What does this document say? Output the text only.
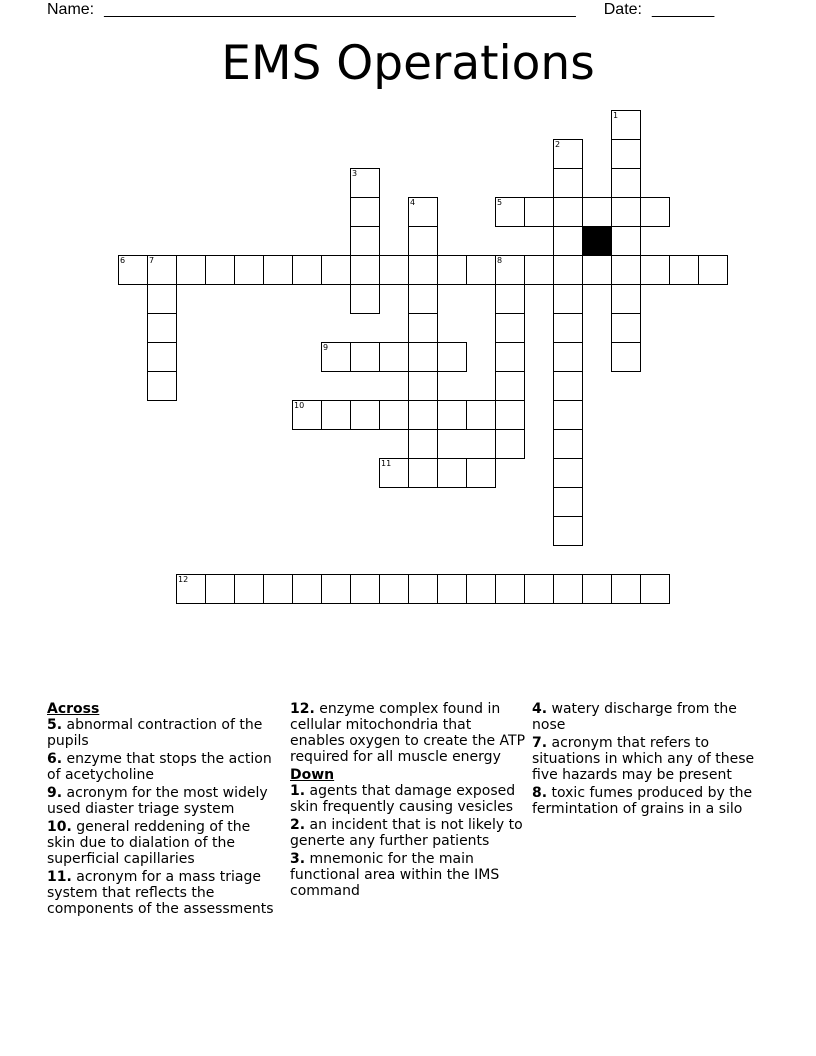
Name: _____________________________________________________ Date: _______
EMS Operations
1
2
3
4	5
6	7	8
9
10
11
12
Across
5. abnormal contraction of the pupils
6. enzyme that stops the action of acetycholine
9. acronym for the most widely used diaster triage system
10. general reddening of the skin due to dialation of the superficial capillaries
11. acronym for a mass triage system that reflects the components of the assessments
12. enzyme complex found in cellular mitochondria that enables oxygen to create the ATP required for all muscle energy
Down
1. agents that damage exposed skin frequently causing vesicles
2. an incident that is not likely to generte any further patients
3. mnemonic for the main functional area within the IMS command
4. watery discharge from the nose
7. acronym that refers to situations in which any of these five hazards may be present
8. toxic fumes produced by the fermintation of grains in a silo
